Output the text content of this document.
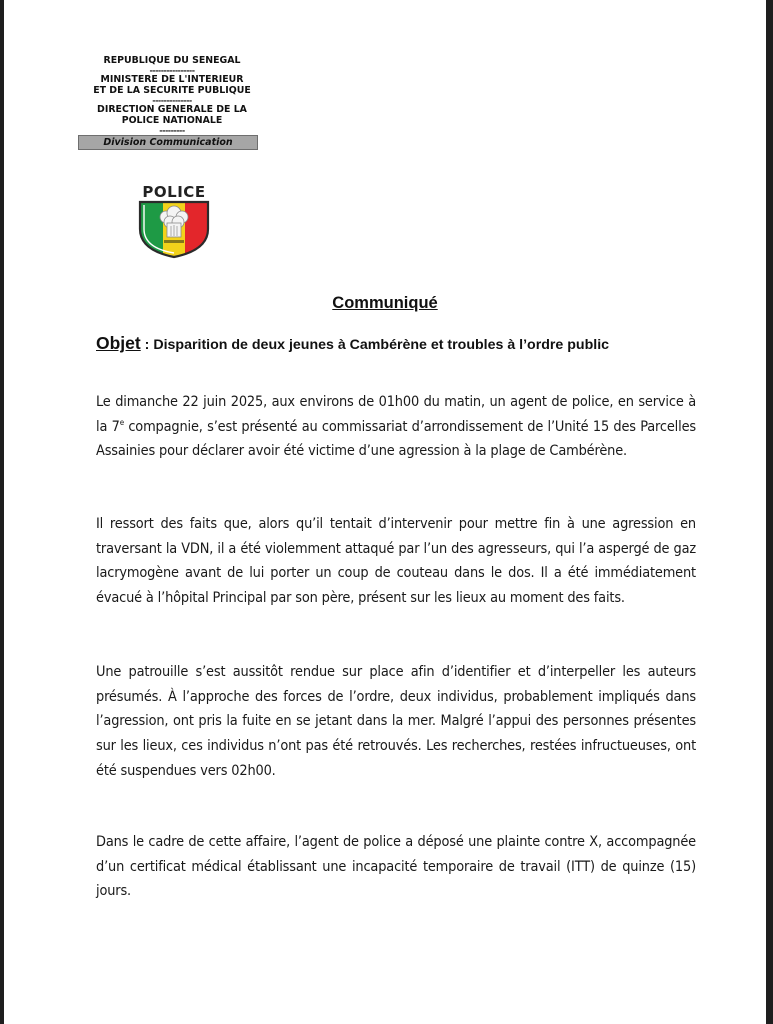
REPUBLIQUE DU SENEGAL
----------------
MINISTERE DE L'INTERIEUR
ET DE LA SECURITE PUBLIQUE
--------------
DIRECTION GENERALE DE LA
POLICE NATIONALE
---------
Division Communication
POLICE
Communiqué
Objet : Disparition de deux jeunes à Cambérène et troubles à l’ordre public
Le dimanche 22 juin 2025, aux environs de 01h00 du matin, un agent de police, en service à la 7e compagnie, s’est présenté au commissariat d’arrondissement de l’Unité 15 des Parcelles Assainies pour déclarer avoir été victime d’une agression à la plage de Cambérène.
Il ressort des faits que, alors qu’il tentait d’intervenir pour mettre fin à une agression en traversant la VDN, il a été violemment attaqué par l’un des agresseurs, qui l’a aspergé de gaz lacrymogène avant de lui porter un coup de couteau dans le dos. Il a été immédiatement évacué à l’hôpital Principal par son père, présent sur les lieux au moment des faits.
Une patrouille s’est aussitôt rendue sur place afin d’identifier et d’interpeller les auteurs présumés. À l’approche des forces de l’ordre, deux individus, probablement impliqués dans l’agression, ont pris la fuite en se jetant dans la mer. Malgré l’appui des personnes présentes sur les lieux, ces individus n’ont pas été retrouvés. Les recherches, restées infructueuses, ont été suspendues vers 02h00.
Dans le cadre de cette affaire, l’agent de police a déposé une plainte contre X, accompagnée d’un certificat médical établissant une incapacité temporaire de travail (ITT) de quinze (15) jours.
